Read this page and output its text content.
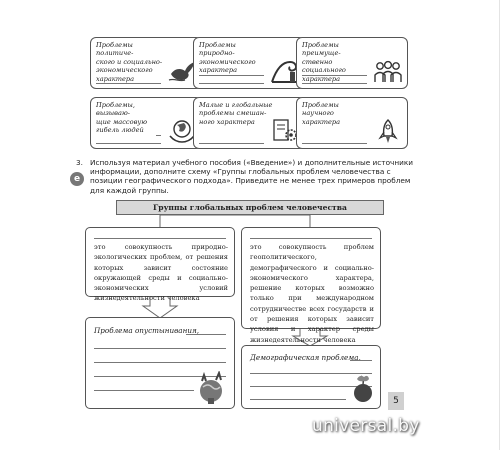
Проблемы политиче-
ского и социально-
экономического
характера
Проблемы природно-
экономического
характера
Проблемы преимуще-
ственно социального
характера
Проблемы, вызываю-
щие массовую
гибель людей
Малые и глобальные
проблемы смешан-
ного характера
Проблемы
научного
характера
3.
e
Используя материал учебного пособия («Введение») и дополнительные источники информации, дополните схему «Группы глобальных проблем человечества с позиции географического подхода». Приведите не менее трех примеров проблем для каждой группы.
Группы глобальных проблем человечества
это совокупность природно-экологических проблем, от решения которых зависит состояние окружающей среды и социально-экономических условий жизнедеятельности человека
это совокупность проблем геополитического, демографического и социально-экономического характера, решение которых возможно только при международном сотрудничестве всех государств и от решения которых зависит условия и характер среды жизнедеятельности человека
Проблема опустынивания,
Демографическая проблема,
5
universal.by
